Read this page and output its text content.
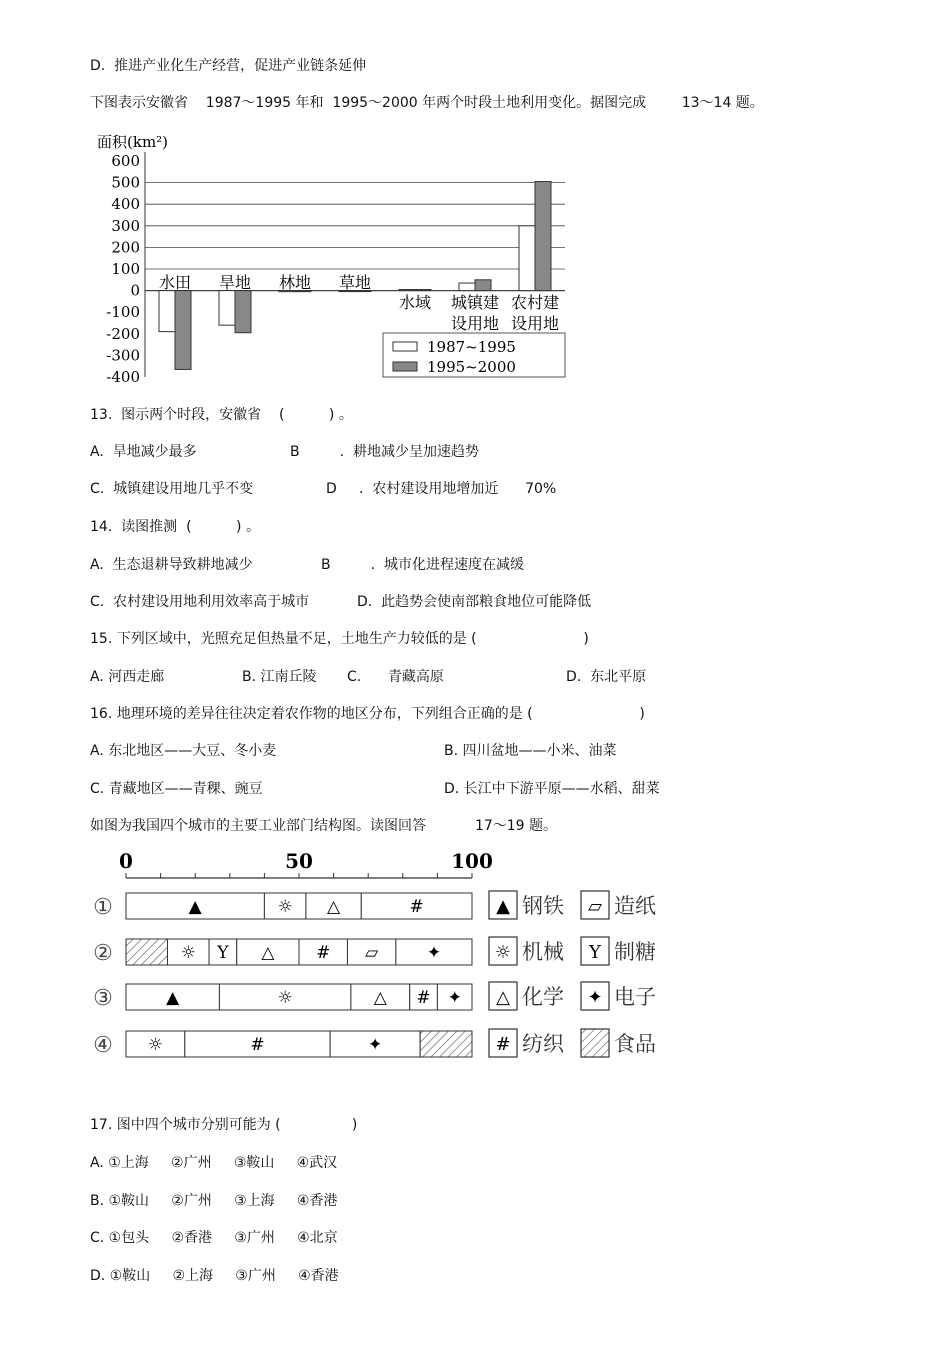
D.  推进产业化生产经营，促进产业链条延伸
下图表示安徽省    1987～1995 年和  1995～2000 年两个时段土地利用变化。据图完成        13～14 题。
面积(km²)
600
500
400
300
200
100
0
-100
-200
-300
-400
水田 旱地 林地 草地
水域 城镇建
设用地
农村建
设用地
1987~1995
1995~2000
13.  图示两个时段，安徽省    (          ) 。
A.  旱地减少最多	B         .  耕地减少呈加速趋势
C.  城镇建设用地几乎不变	D     .  农村建设用地增加近      70%
14.  读图推测  (          ) 。
A.  生态退耕导致耕地减少	B         .  城市化进程速度在减缓
C.  农村建设用地利用效率高于城市	D.  此趋势会使南部粮食地位可能降低
15. 下列区域中，光照充足但热量不足，土地生产力较低的是 (                        )
A. 河西走廊	B. 江南丘陵 C.      青藏高原	D.  东北平原
16. 地理环境的差异往往决定着农作物的地区分布，下列组合正确的是 (                        )
A. 东北地区——大豆、冬小麦	B. 四川盆地——小米、油菜
C. 青藏地区——青稞、豌豆	D. 长江中下游平原——水稻、甜菜
如图为我国四个城市的主要工业部门结构图。读图回答           17～19 题。
0	50	100
①	▲	☼ △	#
②	☼ Y △ # ▱	✦
③	▲	☼	△ # ✦
④ ☼	#	✦
▲ 钢铁 ▱ 造纸
☼ 机械 Y 制糖
△ 化学 ✦ 电子
# 纺织 食品
17. 图中四个城市分别可能为 (                )
A. ①上海     ②广州     ③鞍山     ④武汉
B. ①鞍山     ②广州     ③上海     ④香港
C. ①包头     ②香港     ③广州     ④北京
D. ①鞍山     ②上海     ③广州     ④香港
